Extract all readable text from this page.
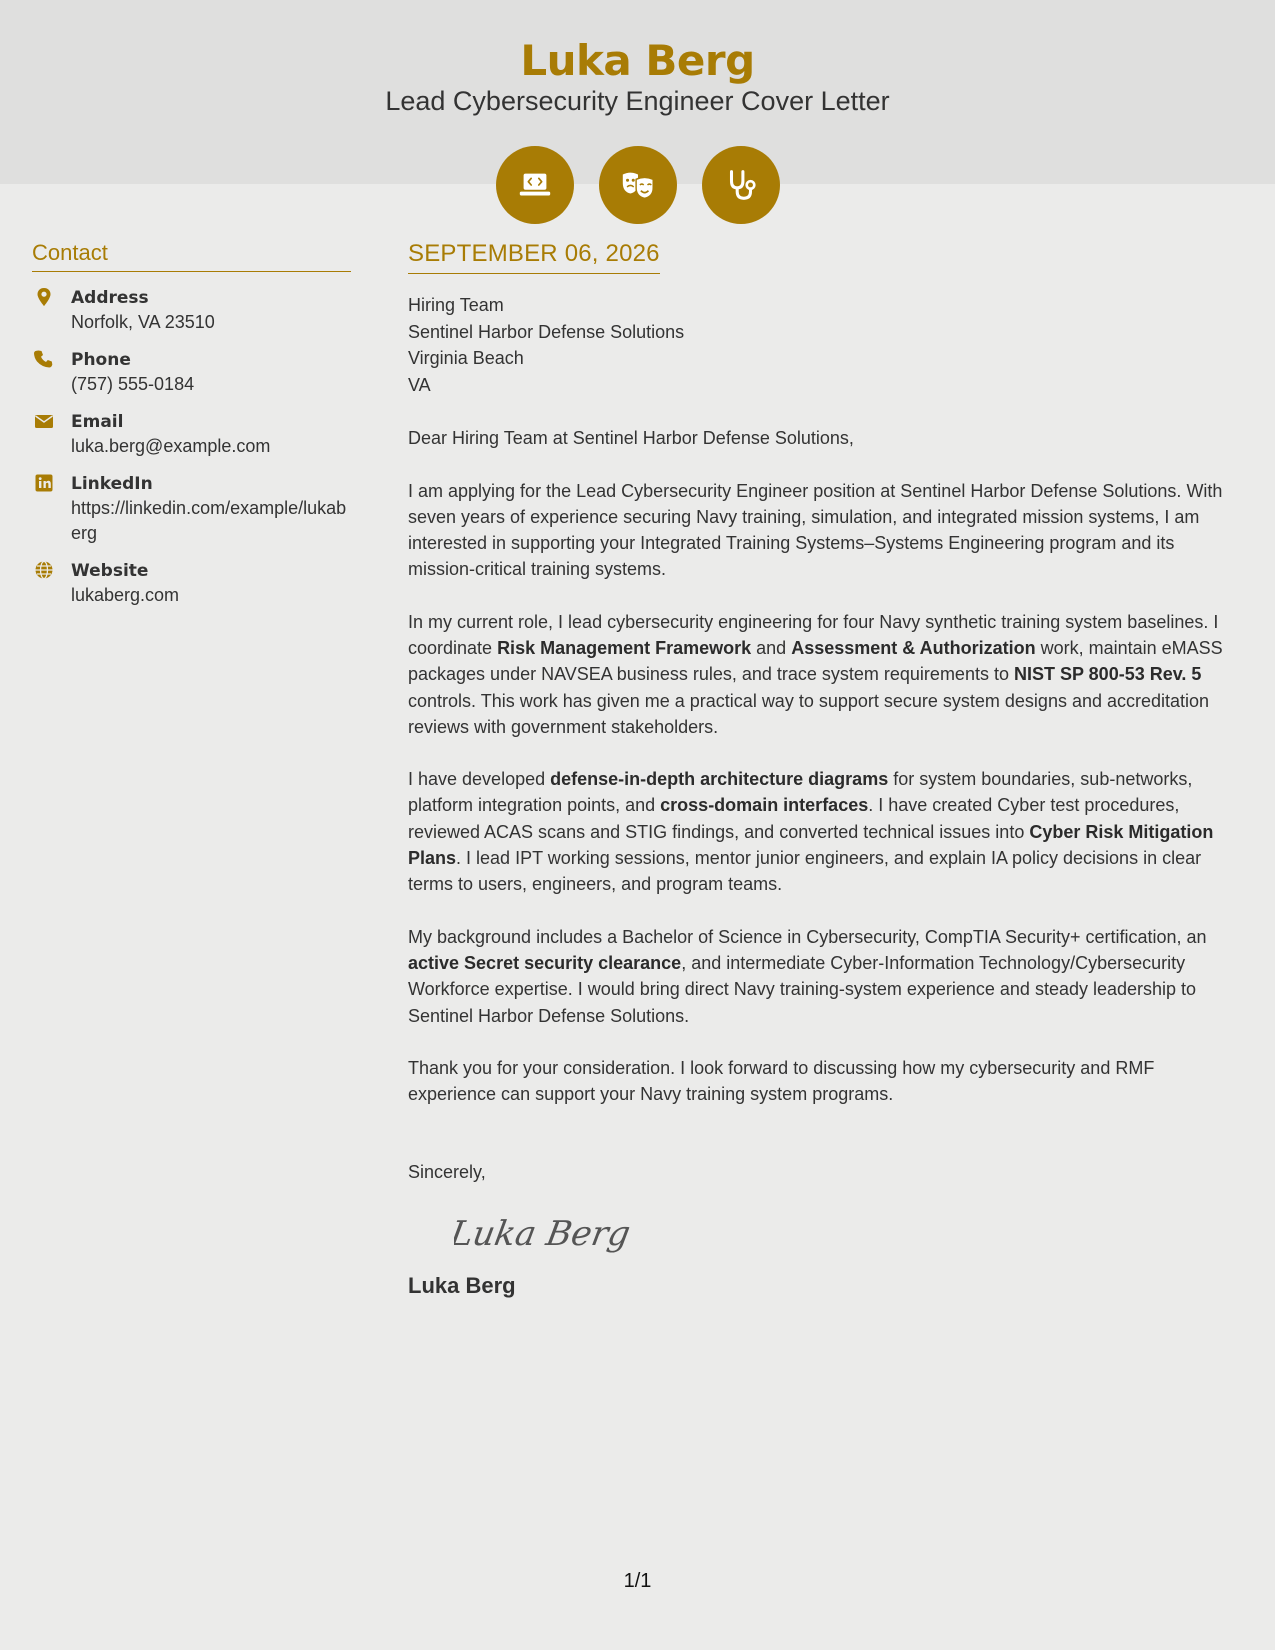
Luka Berg
Lead Cybersecurity Engineer Cover Letter
Contact
Address
Norfolk, VA 23510
Phone
(757) 555-0184
Email
luka.berg@example.com
LinkedIn
https://linkedin.com/example/lukaberg
Website
lukaberg.com
SEPTEMBER 06, 2026
Hiring Team
Sentinel Harbor Defense Solutions
Virginia Beach
VA
Dear Hiring Team at Sentinel Harbor Defense Solutions,
I am applying for the Lead Cybersecurity Engineer position at Sentinel Harbor Defense Solutions. With seven years of experience securing Navy training, simulation, and integrated mission systems, I am interested in supporting your Integrated Training Systems–Systems Engineering program and its mission-critical training systems.
In my current role, I lead cybersecurity engineering for four Navy synthetic training system baselines. I coordinate Risk Management Framework and Assessment & Authorization work, maintain eMASS packages under NAVSEA business rules, and trace system requirements to NIST SP 800-53 Rev. 5 controls. This work has given me a practical way to support secure system designs and accreditation reviews with government stakeholders.
I have developed defense-in-depth architecture diagrams for system boundaries, sub-networks, platform integration points, and cross-domain interfaces. I have created Cyber test procedures, reviewed ACAS scans and STIG findings, and converted technical issues into Cyber Risk Mitigation Plans. I lead IPT working sessions, mentor junior engineers, and explain IA policy decisions in clear terms to users, engineers, and program teams.
My background includes a Bachelor of Science in Cybersecurity, CompTIA Security+ certification, an active Secret security clearance, and intermediate Cyber-Information Technology/Cybersecurity Workforce expertise. I would bring direct Navy training-system experience and steady leadership to Sentinel Harbor Defense Solutions.
Thank you for your consideration. I look forward to discussing how my cybersecurity and RMF experience can support your Navy training system programs.
Sincerely,
Luka Berg
Luka Berg
1/1
